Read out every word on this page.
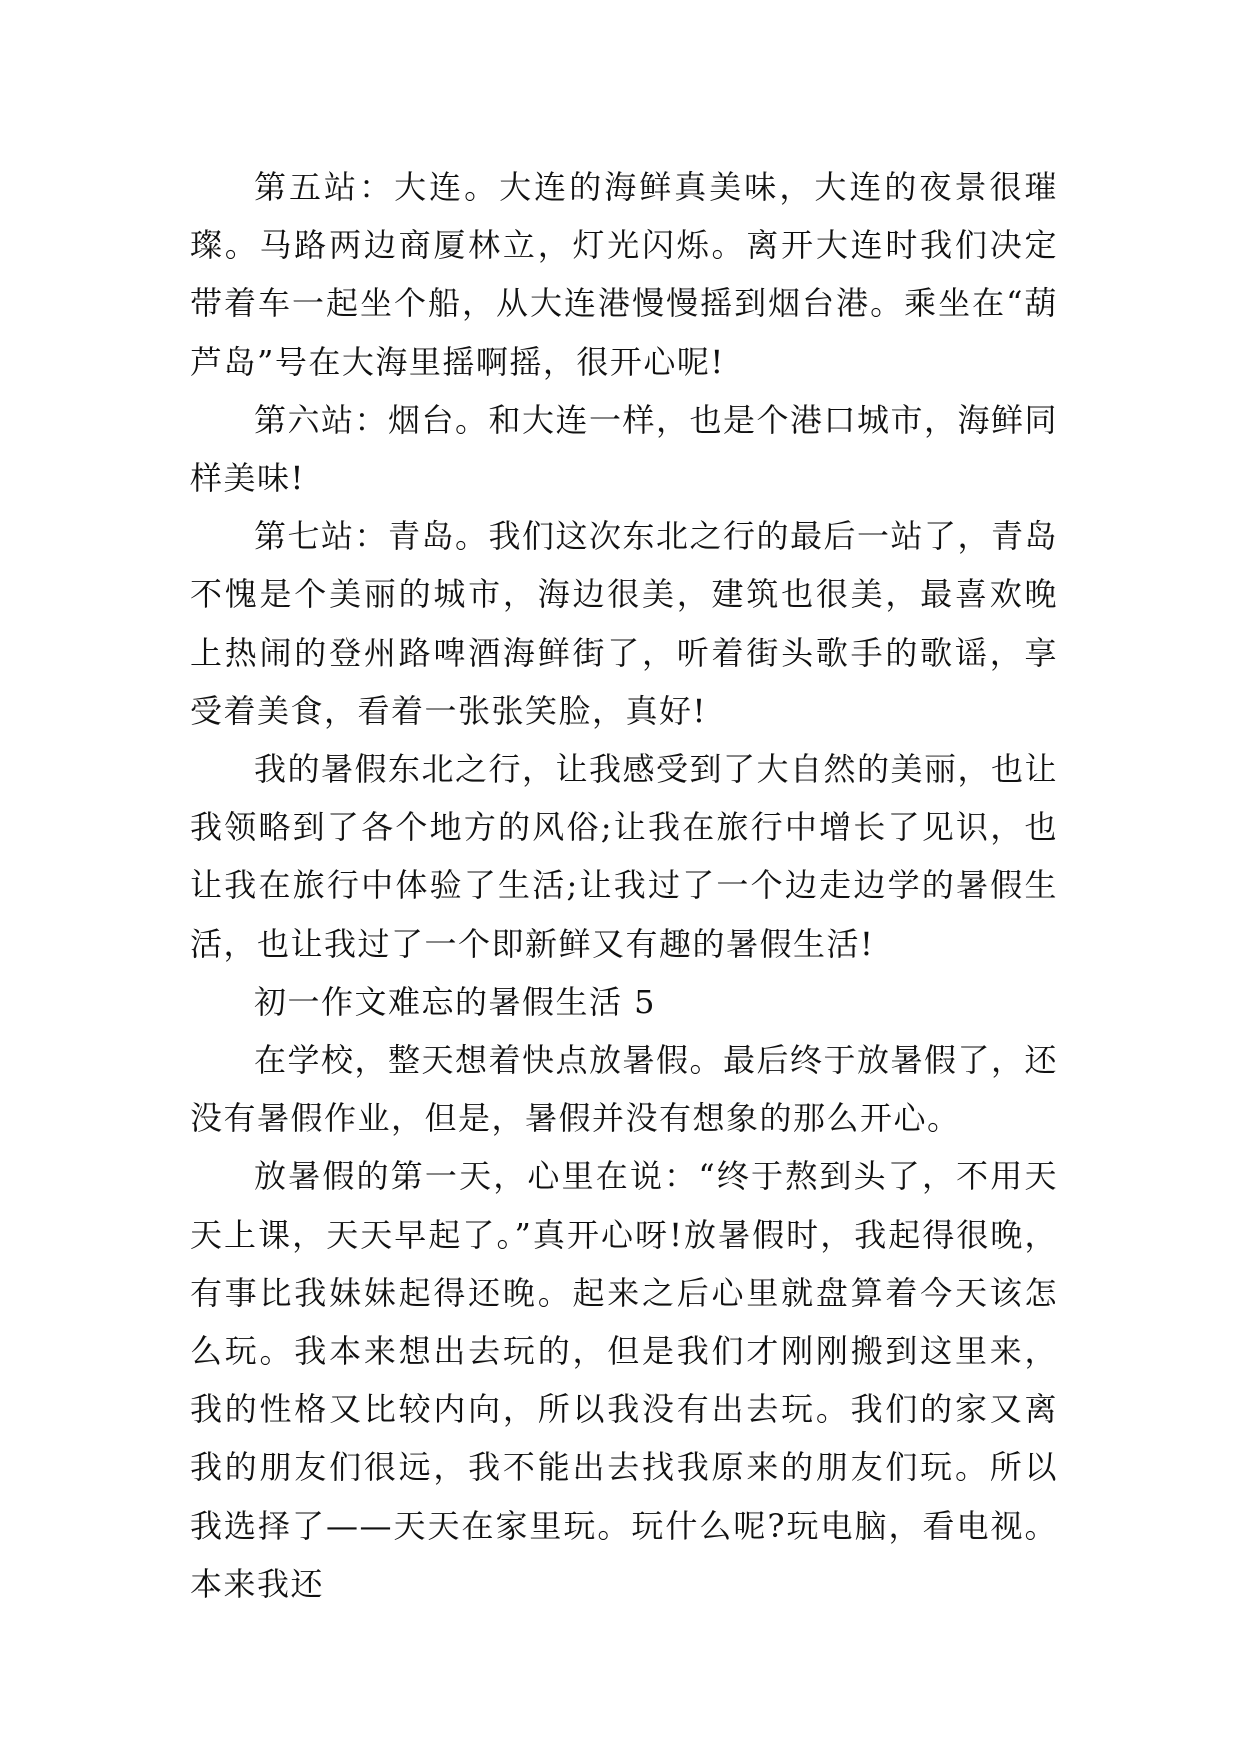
第五站：大连。大连的海鲜真美味，大连的夜景很璀璨。马路两边商厦林立，灯光闪烁。离开大连时我们决定带着车一起坐个船，从大连港慢慢摇到烟台港。乘坐在“葫芦岛”号在大海里摇啊摇，很开心呢!

第六站：烟台。和大连一样，也是个港口城市，海鲜同样美味!

第七站：青岛。我们这次东北之行的最后一站了，青岛不愧是个美丽的城市，海边很美，建筑也很美，最喜欢晚上热闹的登州路啤酒海鲜街了，听着街头歌手的歌谣，享受着美食，看着一张张笑脸，真好!

我的暑假东北之行，让我感受到了大自然的美丽，也让我领略到了各个地方的风俗;让我在旅行中增长了见识，也让我在旅行中体验了生活;让我过了一个边走边学的暑假生活，也让我过了一个即新鲜又有趣的暑假生活!

初一作文难忘的暑假生活 5

在学校，整天想着快点放暑假。最后终于放暑假了，还没有暑假作业，但是，暑假并没有想象的那么开心。

放暑假的第一天，心里在说：“终于熬到头了，不用天天上课，天天早起了。”真开心呀!放暑假时，我起得很晚，有事比我妹妹起得还晚。起来之后心里就盘算着今天该怎么玩。我本来想出去玩的，但是我们才刚刚搬到这里来，我的性格又比较内向，所以我没有出去玩。我们的家又离我的朋友们很远，我不能出去找我原来的朋友们玩。所以我选择了——天天在家里玩。玩什么呢?玩电脑，看电视。本来我还
